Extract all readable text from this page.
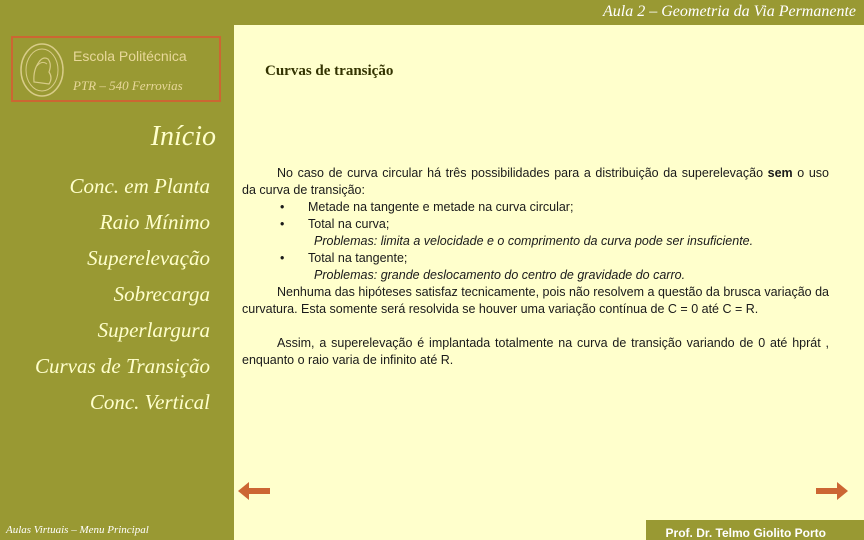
Aula 2 – Geometria da Via Permanente
Escola Politécnica
PTR – 540 Ferrovias
Início
Conc. em Planta
Raio Mínimo
Superelevação
Sobrecarga
Superlargura
Curvas de Transição
Conc. Vertical
Aulas Virtuais – Menu Principal
Curvas de transição

No caso de curva circular há três possibilidades para a distribuição da superelevação sem o uso da curva de transição:

• Metade na tangente e metade na curva circular;

• Total na curva;

Problemas: limita a velocidade e o comprimento da curva pode ser insuficiente.

• Total na tangente;

Problemas: grande deslocamento do centro de gravidade do carro.

Nenhuma das hipóteses satisfaz tecnicamente, pois não resolvem a questão da brusca variação da curvatura. Esta somente será resolvida se houver uma variação contínua de C = 0 até C = R.

Assim, a superelevação é implantada totalmente na curva de transição variando de 0 até hprát , enquanto o raio varia de infinito até R.

Prof. Dr. Telmo Giolito Porto
